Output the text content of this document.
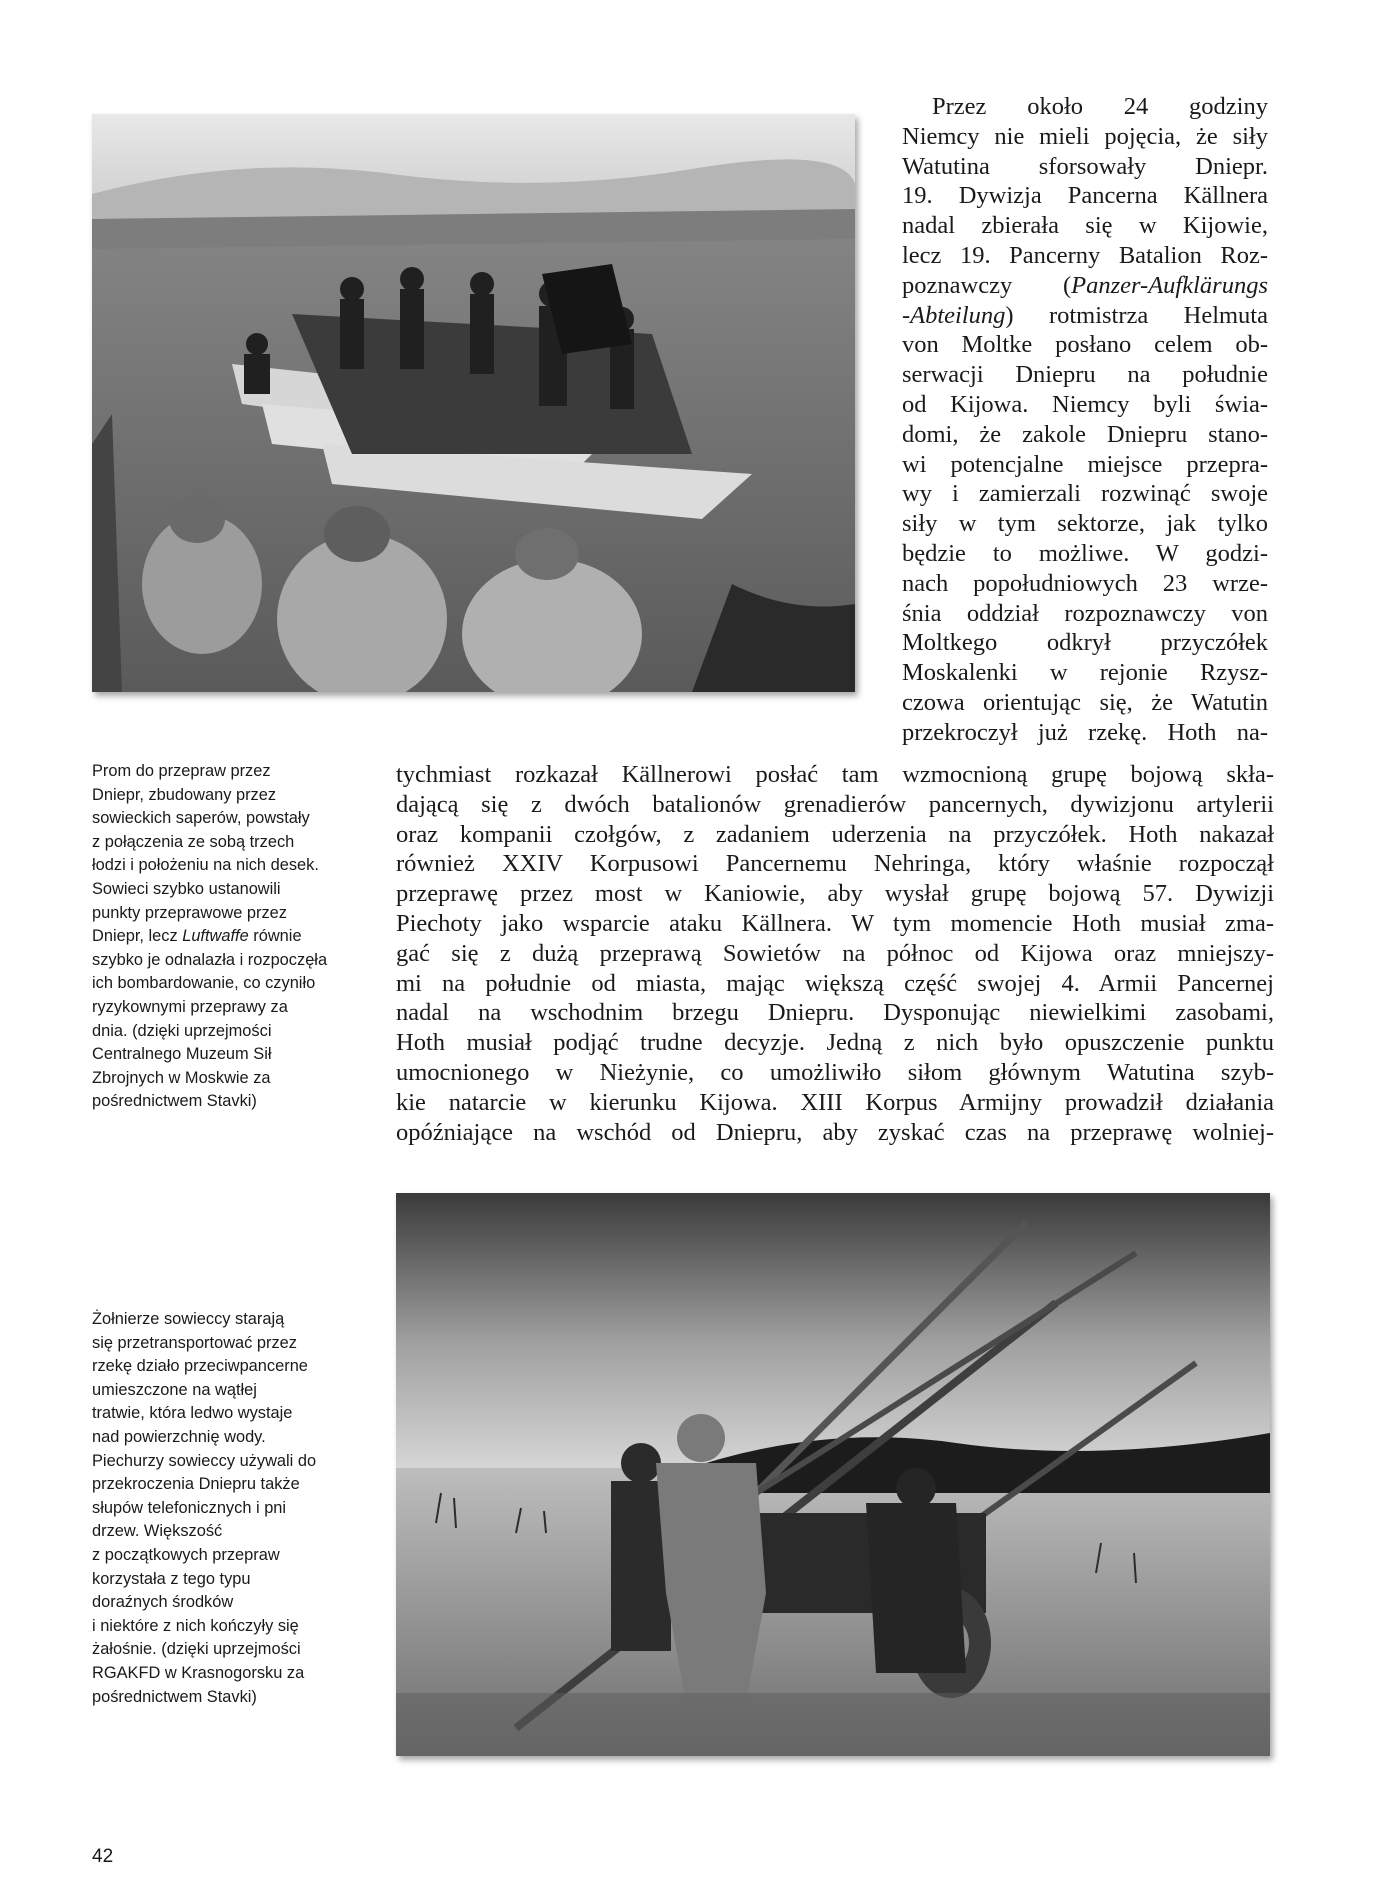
Przez około 24 godziny
Niemcy nie mieli pojęcia, że siły
Watutina sforsowały Dniepr.
19. Dywizja Pancerna Källnera
nadal zbierała się w Kijowie,
lecz 19. Pancerny Batalion Roz-
poznawczy (Panzer-Aufklärungs
-Abteilung) rotmistrza Helmuta
von Moltke posłano celem ob-
serwacji Dniepru na południe
od Kijowa. Niemcy byli świa-
domi, że zakole Dniepru stano-
wi potencjalne miejsce przepra-
wy i zamierzali rozwinąć swoje
siły w tym sektorze, jak tylko
będzie to możliwe. W godzi-
nach popołudniowych 23 wrze-
śnia oddział rozpoznawczy von
Moltkego odkrył przyczółek
Moskalenki w rejonie Rzysz-
czowa orientując się, że Watutin
przekroczył już rzekę. Hoth na-
Prom do przepraw przez
Dniepr, zbudowany przez
sowieckich saperów, powstały
z połączenia ze sobą trzech
łodzi i położeniu na nich desek.
Sowieci szybko ustanowili
punkty przeprawowe przez
Dniepr, lecz Luftwaffe równie
szybko je odnalazła i rozpoczęła
ich bombardowanie, co czyniło
ryzykownymi przeprawy za
dnia. (dzięki uprzejmości
Centralnego Muzeum Sił
Zbrojnych w Moskwie za
pośrednictwem Stavki)
tychmiast rozkazał Källnerowi posłać tam wzmocnioną grupę bojową skła-
dającą się z dwóch batalionów grenadierów pancernych, dywizjonu artylerii
oraz kompanii czołgów, z zadaniem uderzenia na przyczółek. Hoth nakazał
również XXIV Korpusowi Pancernemu Nehringa, który właśnie rozpoczął
przeprawę przez most w Kaniowie, aby wysłał grupę bojową 57. Dywizji
Piechoty jako wsparcie ataku Källnera. W tym momencie Hoth musiał zma-
gać się z dużą przeprawą Sowietów na północ od Kijowa oraz mniejszy-
mi na południe od miasta, mając większą część swojej 4. Armii Pancernej
nadal na wschodnim brzegu Dniepru. Dysponując niewielkimi zasobami,
Hoth musiał podjąć trudne decyzje. Jedną z nich było opuszczenie punktu
umocnionego w Nieżynie, co umożliwiło siłom głównym Watutina szyb-
kie natarcie w kierunku Kijowa. XIII Korpus Armijny prowadził działania
opóźniające na wschód od Dniepru, aby zyskać czas na przeprawę wolniej-
Żołnierze sowieccy starają
się przetransportować przez
rzekę działo przeciwpancerne
umieszczone na wątłej
tratwie, która ledwo wystaje
nad powierzchnię wody.
Piechurzy sowieccy używali do
przekroczenia Dniepru także
słupów telefonicznych i pni
drzew. Większość
z początkowych przepraw
korzystała z tego typu
doraźnych środków
i niektóre z nich kończyły się
żałośnie. (dzięki uprzejmości
RGAKFD w Krasnogorsku za
pośrednictwem Stavki)
42
